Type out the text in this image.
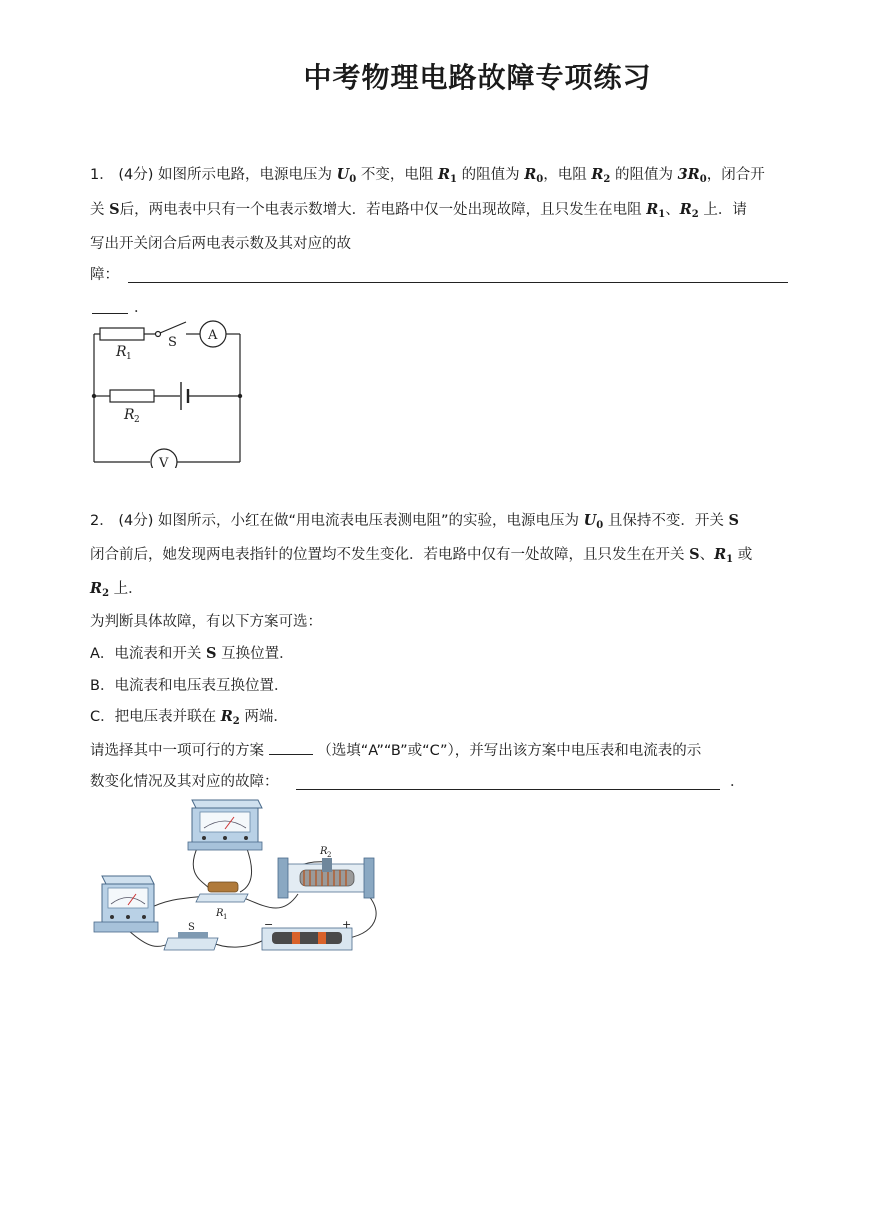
中考物理电路故障专项练习
1． (4分) 如图所示电路，电源电压为 $U_0$ 不变，电阻 $R_1$ 的阻值为 $R_0$，电阻 $R_2$ 的阻值为 $3R_0$，闭合开
关 S后，两电表中只有一个电表示数增大．若电路中仅一处出现故障，且只发生在电阻 $R_1$、$R_2$ 上．请
写出开关闭合后两电表示数及其对应的故
障：
．
R 1
S A
R 2
V
2． (4分) 如图所示，小红在做“用电流表电压表测电阻”的实验，电源电压为 $U_0$ 且保持不变．开关 S
闭合前后，她发现两电表指针的位置均不发生变化．若电路中仅有一处故障，且只发生在开关 S、$R_1$ 或
$R_2$ 上．
为判断具体故障，有以下方案可选：
A．电流表和开关 S 互换位置．
B．电流表和电压表互换位置．
C．把电压表并联在 $R_2$ 两端．
请选择其中一项可行的方案	（选填“A”“B”或“C”），并写出该方案中电压表和电流表的示
数变化情况及其对应的故障：	．
R 1
R 2
S	−	+
